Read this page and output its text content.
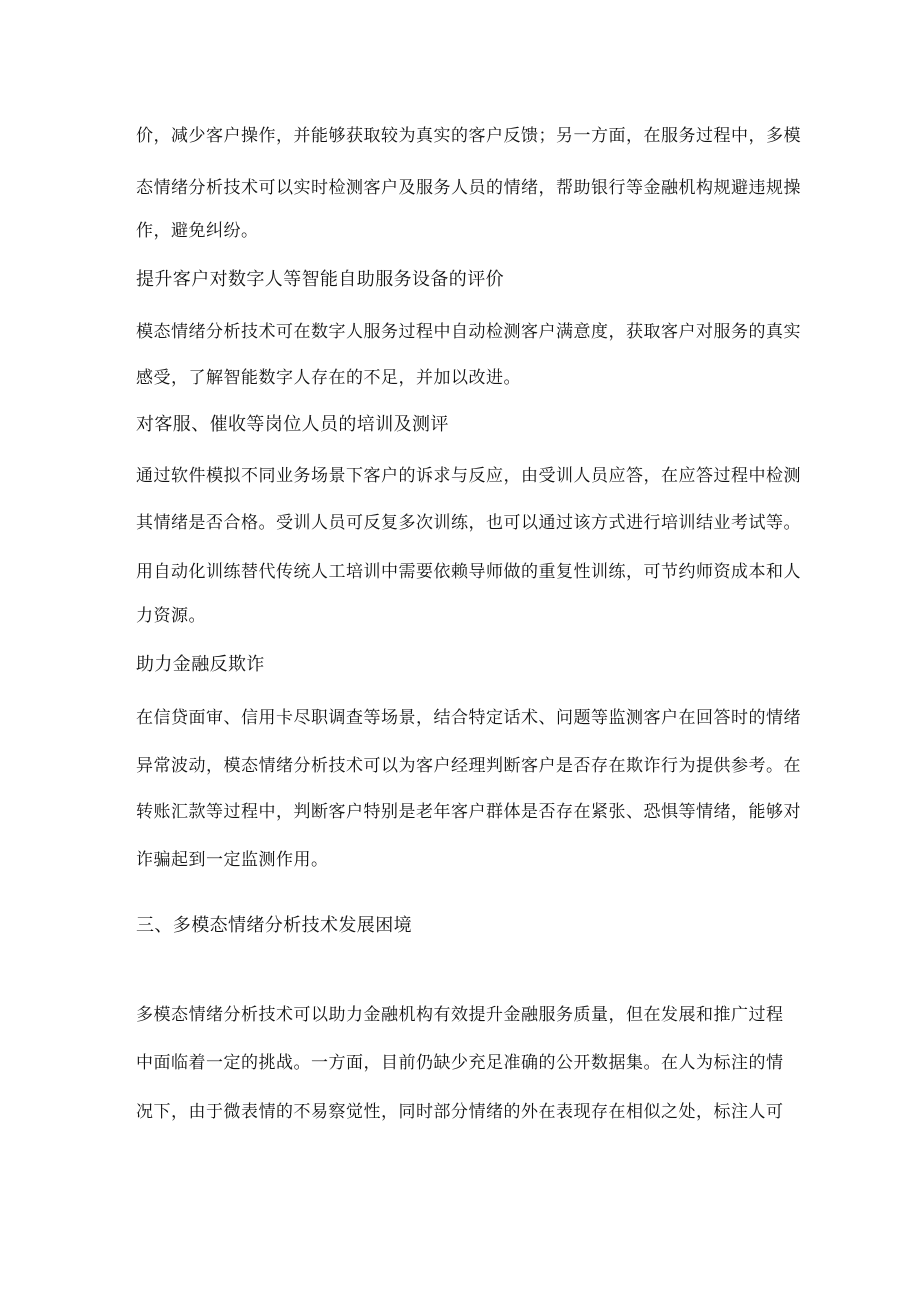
价，减少客户操作，并能够获取较为真实的客户反馈；另一方面，在服务过程中，多模
态情绪分析技术可以实时检测客户及服务人员的情绪，帮助银行等金融机构规避违规操
作，避免纠纷。
提升客户对数字人等智能自助服务设备的评价
模态情绪分析技术可在数字人服务过程中自动检测客户满意度，获取客户对服务的真实
感受，了解智能数字人存在的不足，并加以改进。
对客服、催收等岗位人员的培训及测评
通过软件模拟不同业务场景下客户的诉求与反应，由受训人员应答，在应答过程中检测
其情绪是否合格。受训人员可反复多次训练，也可以通过该方式进行培训结业考试等。
用自动化训练替代传统人工培训中需要依赖导师做的重复性训练，可节约师资成本和人
力资源。
助力金融反欺诈
在信贷面审、信用卡尽职调查等场景，结合特定话术、问题等监测客户在回答时的情绪
异常波动，模态情绪分析技术可以为客户经理判断客户是否存在欺诈行为提供参考。在
转账汇款等过程中，判断客户特别是老年客户群体是否存在紧张、恐惧等情绪，能够对
诈骗起到一定监测作用。
三、多模态情绪分析技术发展困境
多模态情绪分析技术可以助力金融机构有效提升金融服务质量，但在发展和推广过程
中面临着一定的挑战。一方面，目前仍缺少充足准确的公开数据集。在人为标注的情
况下，由于微表情的不易察觉性，同时部分情绪的外在表现存在相似之处，标注人可
